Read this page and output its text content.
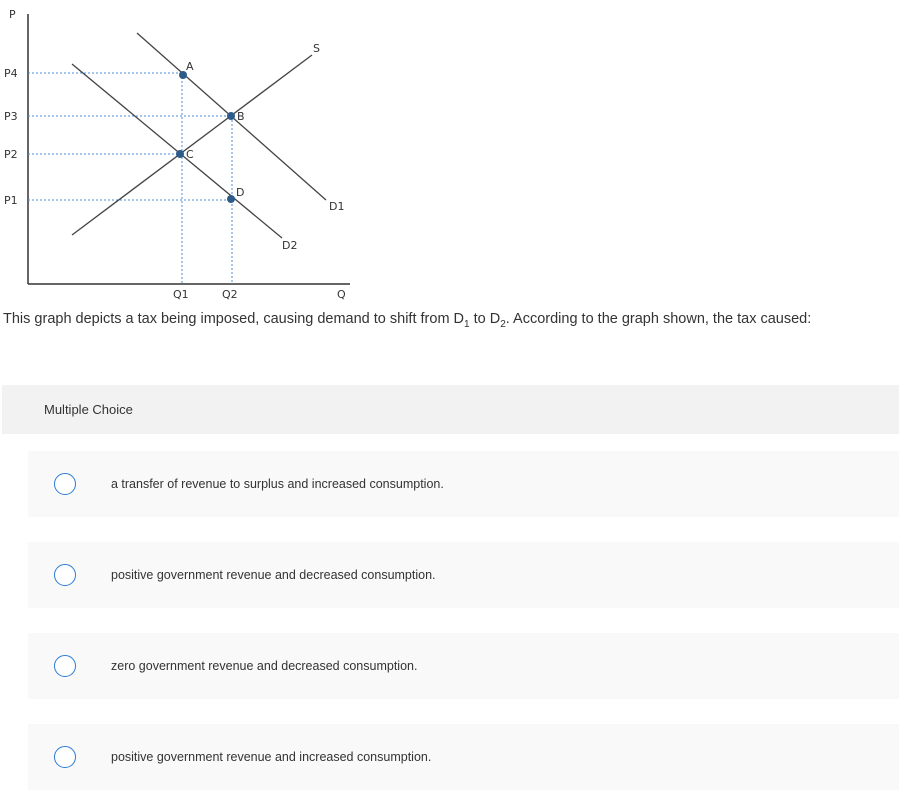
P
Q
P4
P3
P2
P1
Q1	Q2
S
D1
D2
A
B
C
D

This graph depicts a tax being imposed, causing demand to shift from $D_1$ to $D_2$. According to the graph shown, the tax caused:

Multiple Choice
a transfer of revenue to surplus and increased consumption.
positive government revenue and decreased consumption.
zero government revenue and decreased consumption.
positive government revenue and increased consumption.
